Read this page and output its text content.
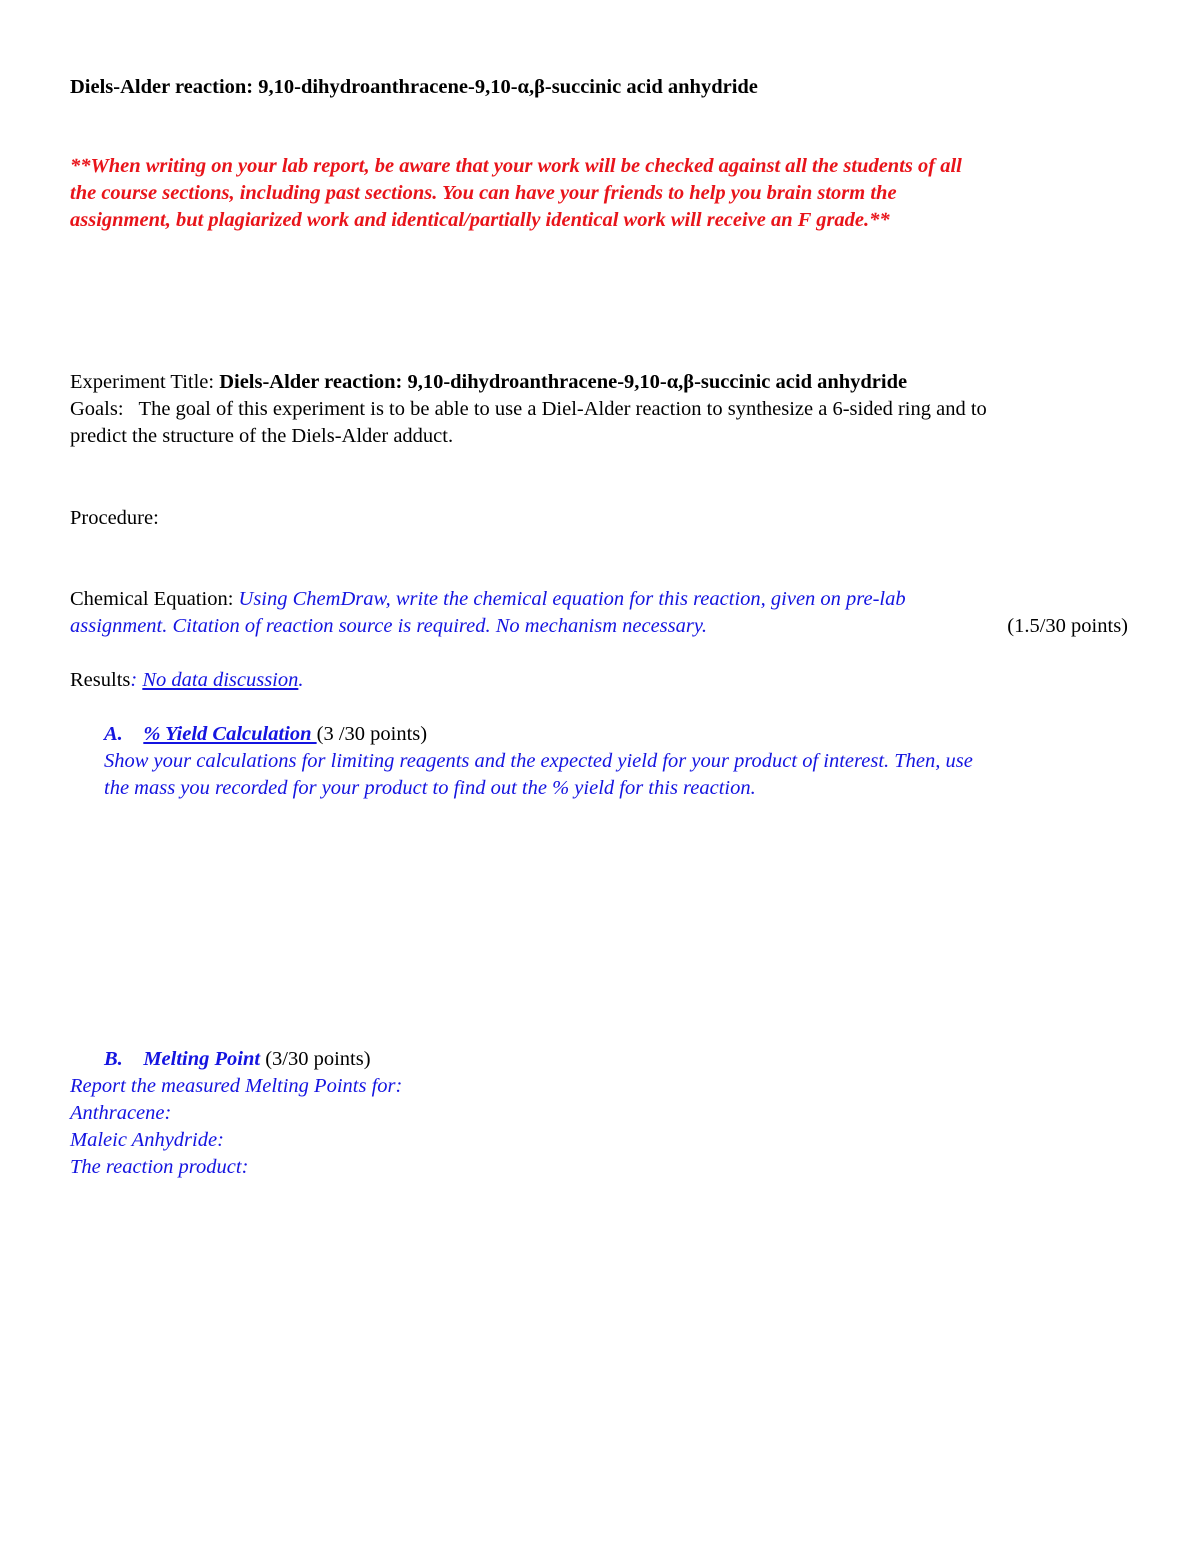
Diels-Alder reaction: 9,10-dihydroanthracene-9,10-α,β-succinic acid anhydride

**When writing on your lab report, be aware that your work will be checked against all the students of all

the course sections, including past sections. You can have your friends to help you brain storm the

assignment, but plagiarized work and identical/partially identical work will receive an F grade.**

Experiment Title: Diels-Alder reaction: 9,10-dihydroanthracene-9,10-α,β-succinic acid anhydride

Goals: The goal of this experiment is to be able to use a Diel-Alder reaction to synthesize a 6-sided ring and to

predict the structure of the Diels-Alder adduct.

Procedure:

Chemical Equation: Using ChemDraw, write the chemical equation for this reaction, given on pre-lab

assignment. Citation of reaction source is required. No mechanism necessary.	(1.5/30 points)

Results: No data discussion.

A. % Yield Calculation (3 /30 points)

Show your calculations for limiting reagents and the expected yield for your product of interest. Then, use

the mass you recorded for your product to find out the % yield for this reaction.

B. Melting Point (3/30 points)

Report the measured Melting Points for:

Anthracene:

Maleic Anhydride:

The reaction product:
